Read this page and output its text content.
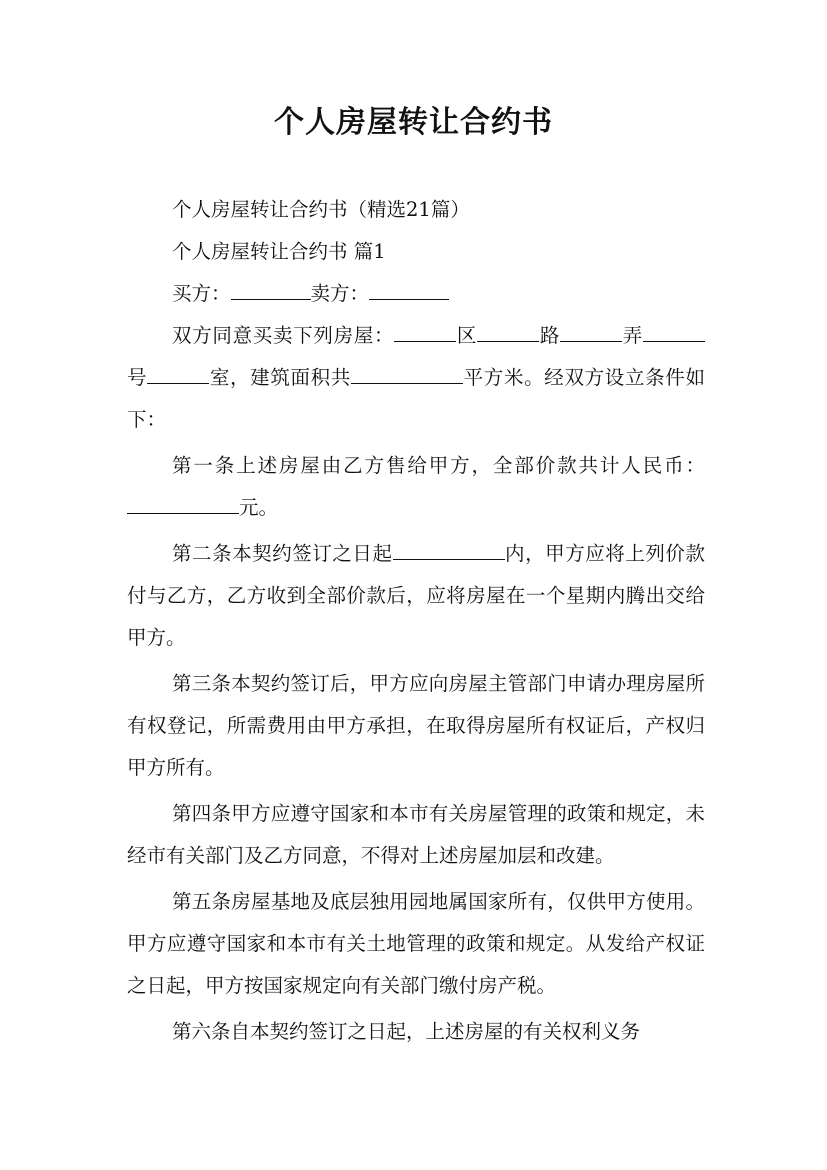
个人房屋转让合约书

个人房屋转让合约书（精选21篇）

个人房屋转让合约书 篇1

买方：	卖方：

双方同意买卖下列房屋：	区	路	弄号	室，建筑面积共	平方米。经双方设立条件如下：

第一条上述房屋由乙方售给甲方，全部价款共计人民币：元。

第二条本契约签订之日起	内，甲方应将上列价款付与乙方，乙方收到全部价款后，应将房屋在一个星期内腾出交给甲方。

第三条本契约签订后，甲方应向房屋主管部门申请办理房屋所有权登记，所需费用由甲方承担，在取得房屋所有权证后，产权归甲方所有。

第四条甲方应遵守国家和本市有关房屋管理的政策和规定，未经市有关部门及乙方同意，不得对上述房屋加层和改建。

第五条房屋基地及底层独用园地属国家所有，仅供甲方使用。甲方应遵守国家和本市有关土地管理的政策和规定。从发给产权证之日起，甲方按国家规定向有关部门缴付房产税。

第六条自本契约签订之日起，上述房屋的有关权利义务
